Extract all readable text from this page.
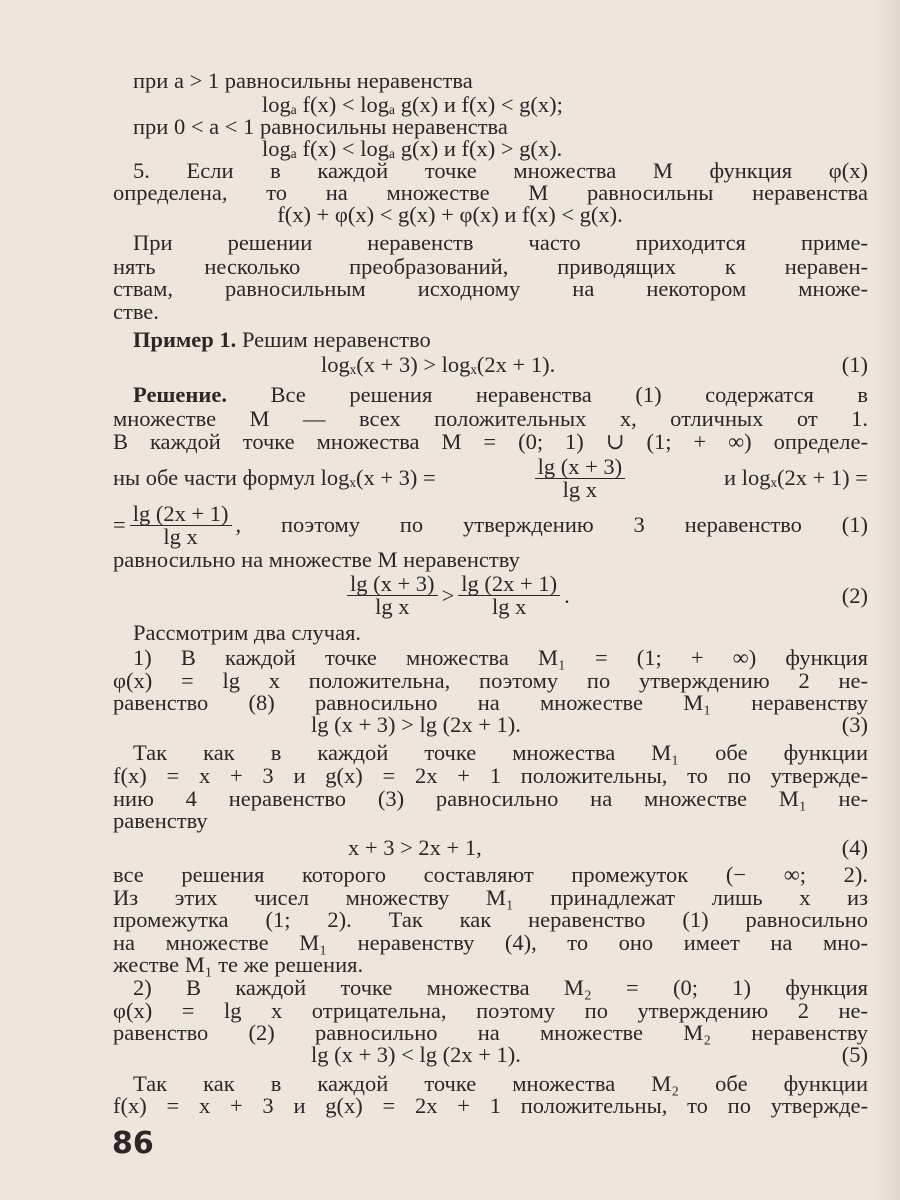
при a > 1 равносильны неравенства
logₐ f(x) < logₐ g(x) и f(x) < g(x);
при 0 < a < 1 равносильны неравенства
logₐ f(x) < logₐ g(x) и f(x) > g(x).
5. Если в каждой точке множества M функция φ(x)
определена, то на множестве M равносильны неравенства
f(x) + φ(x) < g(x) + φ(x) и f(x) < g(x).
При решении неравенств часто приходится приме-
нять несколько преобразований, приводящих к неравен-
ствам, равносильным исходному на некотором множе-
стве.
Пример 1. Решим неравенство
logₓ(x + 3) > logₓ(2x + 1).	(1)
Решение. Все решения неравенства (1) содержатся в
множестве M — всех положительных x, отличных от 1.
В каждой точке множества M = (0; 1) ∪ (1; + ∞) определе-
ны обе части формул logₓ(x + 3) =	$\frac{\lg (x + 3)}{\text{lg x}}$	и logₓ(2x + 1) =
= $\frac{\lg (2x + 1)}{\text{lg x}}$ , поэтому по утверждению 3 неравенство (1)
равносильно на множестве M неравенству
$\frac{\lg (x + 3)}{\text{lg x}} > \frac{\lg (2x + 1)}{\text{lg x}}$ .	(2)
Рассмотрим два случая.
1) В каждой точке множества M₁ = (1; + ∞) функция
φ(x) = lg x положительна, поэтому по утверждению 2 не-
равенство (8) равносильно на множестве M₁ неравенству
lg (x + 3) > lg (2x + 1).	(3)
Так как в каждой точке множества M₁ обе функции
f(x) = x + 3 и g(x) = 2x + 1 положительны, то по утвержде-
нию 4 неравенство (3) равносильно на множестве M₁ не-
равенству
x + 3 > 2x + 1,	(4)
все решения которого составляют промежуток (− ∞; 2).
Из этих чисел множеству M₁ принадлежат лишь x из
промежутка (1; 2). Так как неравенство (1) равносильно
на множестве M₁ неравенству (4), то оно имеет на мно-
жестве M₁ те же решения.
2) В каждой точке множества M₂ = (0; 1) функция
φ(x) = lg x отрицательна, поэтому по утверждению 2 не-
равенство (2) равносильно на множестве M₂ неравенству
lg (x + 3) < lg (2x + 1).	(5)
Так как в каждой точке множества M₂ обе функции
f(x) = x + 3 и g(x) = 2x + 1 положительны, то по утвержде-
86
